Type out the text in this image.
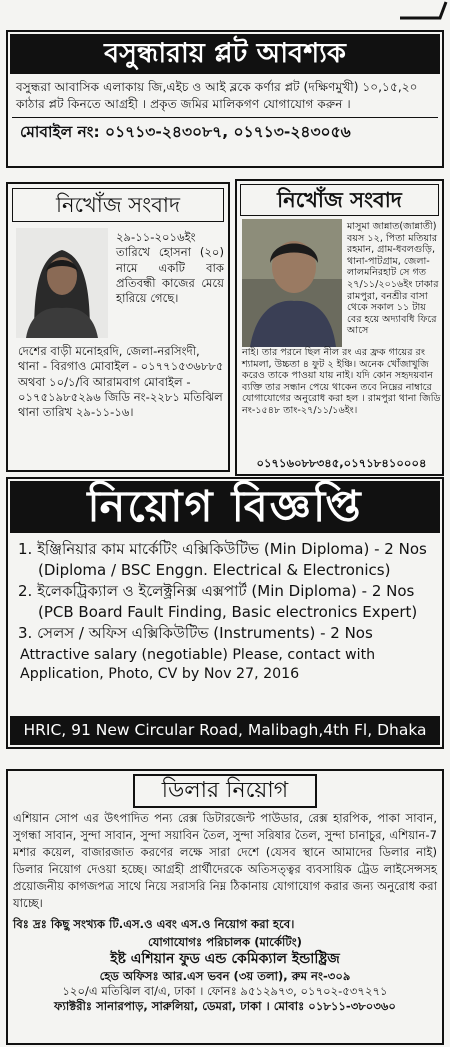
বসুন্ধারায় প্লট আবশ্যক
বসুন্ধরা আবাসিক এলাকায় জি,এইচ ও আই ব্লকে কর্ণার প্লট (দক্ষিণমুখী) ১০,১৫,২০ কাঠার প্লট কিনতে আগ্রহী । প্রকৃত জমির মালিকগণ যোগাযোগ করুন ।
মোবাইল নং: ০১৭১৩-২৪৩০৮৭, ০১৭১৩-২৪৩০৫৬
নিখোঁজ সংবাদ
২৯-১১-২০১৬ইং তারিখে হোসনা (২০) নামে একটি বাক প্রতিবন্ধী কাজের মেয়ে হারিয়ে গেছে।
দেশের বাড়ী মনোহরদি, জেলা-নরসিংদী, থানা - বিরগাও মোবাইল - ০১৭৭১৫৩৬৮৮৫ অথবা ১০/১/বি আরামবাগ মোবাইল - ০১৭৫১৯৮৫২৯৬ জিডি নং-২২৮১ মতিঝিল থানা তারিখ ২৯-১১-১৬।
নিখোঁজ সংবাদ
মাসুমা জান্নাত(জান্নাতী) বয়স ১২, পিতা মতিয়ার রহমান, গ্রাম-ধবলগুড়ি, থানা-পাটগ্রাম, জেলা-লালমনিরহাট সে গত ২৭/১১/২০১৬ইং ঢাকার রামপুরা, বনশ্রীর বাসা থেকে সকাল ১১ টায় বের হয়ে অদ্যাবধি ফিরে আসে
নাই। তার পরনে ছিল নীল রং এর ফ্রক গায়ের রং শ্যামলা, উচ্চতা ৪ ফুট ২ ইঞ্চি। অনেক খোঁজাখুজি করেও তাকে পাওয়া যায় নাই। যদি কোন সহৃদয়বান ব্যক্তি তার সন্ধান পেয়ে থাকেন তবে নিম্নের নাম্বারে যোগাযোগের অনুরোধ করা হল । রামপুরা থানা জিডি নং-১৫৪৮ তাং-২৭/১১/১৬ইং।
০১৭১৬০৮৮৩৪৫,০১৭১৮৪১০০০৪
নিয়োগ বিজ্ঞপ্তি
1. ইঞ্জিনিয়ার কাম মার্কেটিং এক্সিকিউটিভ (Min Diploma) - 2 Nos
(Diploma / BSC Enggn. Electrical & Electronics)
2. ইলেকট্রিক্যাল ও ইলেক্ট্রনিক্স এক্সপার্ট (Min Diploma) - 2 Nos
(PCB Board Fault Finding, Basic electronics Expert)
3. সেলস / অফিস এক্সিকিউটিভ (Instruments) - 2 Nos
Attractive salary (negotiable) Please, contact with Application, Photo, CV by Nov 27, 2016
HRIC, 91 New Circular Road, Malibagh,4th Fl, Dhaka
ডিলার নিয়োগ
এশিয়ান সোপ এর উৎপাদিত পন্য রেক্স ডিটারজেন্ট পাউডার, রেক্স হারপিক, পাকা সাবান, সুগন্ধা সাবান, সুন্দা সাবান, সুন্দা সয়াবিন তৈল, সুন্দা সরিষার তৈল, সুন্দা চানাচুর, এশিয়ান-7 মশার কয়েল, বাজারজাত করণের লক্ষে সারা দেশে (যেসব স্থানে আমাদের ডিলার নাই) ডিলার নিয়োগ দেওয়া হচ্ছে। আগ্রহী প্রার্থীদেরকে অতিসত্ত্বর ব্যবসায়িক ট্রেড লাইসেন্সসহ প্রয়োজনীয় কাগজপত্র সাথে নিয়ে সরাসরি নিম্ন ঠিকানায় যোগাযোগ করার জন্য অনুরোধ করা যাচ্ছে।
বিঃ দ্রঃ কিছু সংখ্যক টি.এস.ও এবং এস.ও নিয়োগ করা হবে।
যোগাযোগঃ পরিচালক (মার্কেটিং)
ইষ্ট এশিয়ান ফুড এন্ড কেমিক্যাল ইন্ডাষ্ট্রিজ
হেড অফিসঃ আর.এস ভবন (৩য় তলা), রুম নং-৩০৯
১২০/এ মতিঝিল বা/এ, ঢাকা । ফোনঃ ৯৫১২৯৭৩, ০১৭০২-৫৩৭২৭১
ফ্যাক্টরীঃ সানারপাড়, সারুলিয়া, ডেমরা, ঢাকা । মোবাঃ ০১৮১১-৩৮০৩৬০
